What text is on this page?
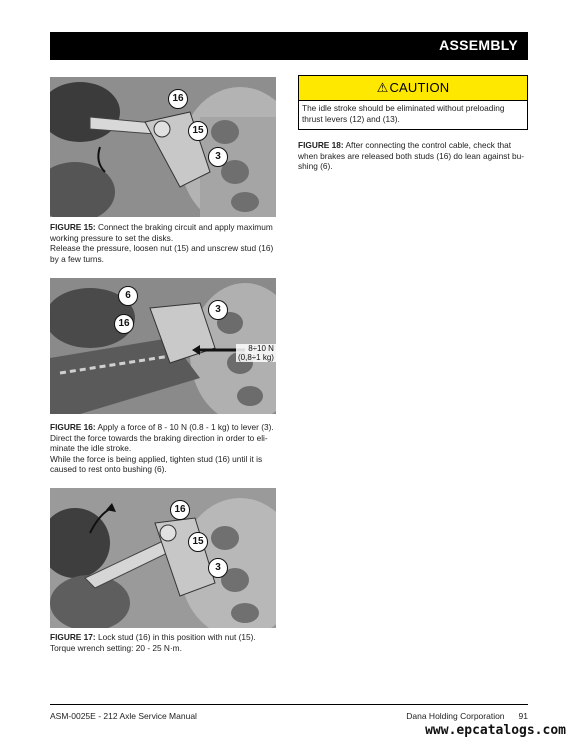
ASSEMBLY
16
15
3
FIGURE 15: Connect the braking circuit and apply maximum
working pressure to set the disks.
Release the pressure, loosen nut (15) and unscrew stud (16)
by a few turns.
6
3
16
8÷10 N
(0,8÷1 kg)
FIGURE 16: Apply a force of 8 - 10 N (0.8 - 1 kg) to lever (3).
Direct the force towards the braking direction in order to eli-
minate the idle stroke.
While the force is being applied, tighten stud (16) until it is
caused to rest onto bushing (6).
16
15
3
FIGURE 17: Lock stud (16) in this position with nut (15).
Torque wrench setting: 20 - 25 N·m.
⚠CAUTION
The idle stroke should be eliminated without preloading
thrust levers (12) and (13).
FIGURE 18: After connecting the control cable, check that
when brakes are released both studs (16) do lean against bu-
shing (6).
ASM-0025E - 212 Axle Service Manual	Dana Holding Corporation 91
www.epcatalogs.com
